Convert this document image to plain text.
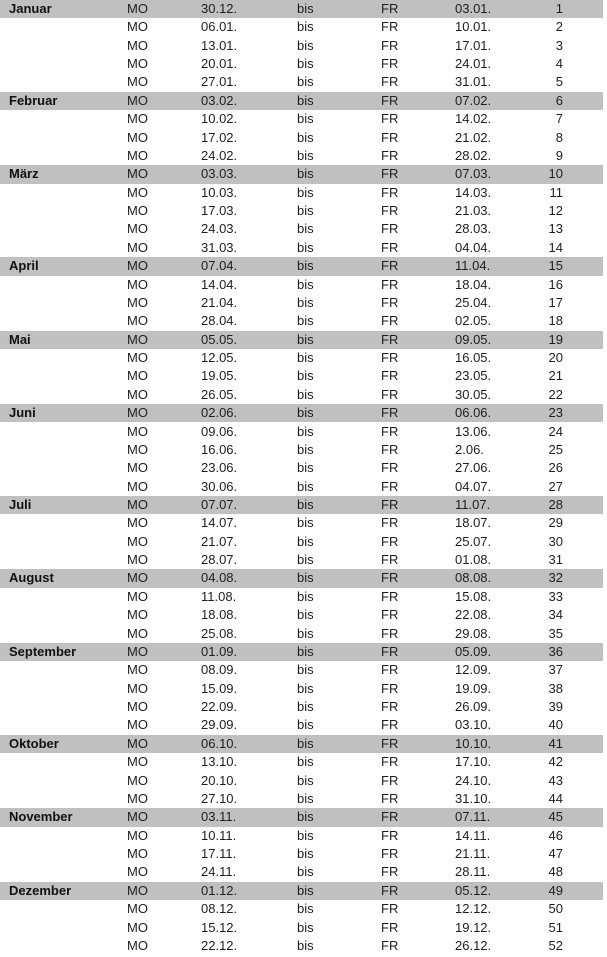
Januar	MO	30.12.	bis	FR	03.01.	1
MO	06.01.	bis	FR	10.01.	2
MO	13.01.	bis	FR	17.01.	3
MO	20.01.	bis	FR	24.01.	4
MO	27.01.	bis	FR	31.01.	5
Februar	MO	03.02.	bis	FR	07.02.	6
MO	10.02.	bis	FR	14.02.	7
MO	17.02.	bis	FR	21.02.	8
MO	24.02.	bis	FR	28.02.	9
März	MO	03.03.	bis	FR	07.03.	10
MO	10.03.	bis	FR	14.03.	11
MO	17.03.	bis	FR	21.03.	12
MO	24.03.	bis	FR	28.03.	13
MO	31.03.	bis	FR	04.04.	14
April	MO	07.04.	bis	FR	11.04.	15
MO	14.04.	bis	FR	18.04.	16
MO	21.04.	bis	FR	25.04.	17
MO	28.04.	bis	FR	02.05.	18
Mai	MO	05.05.	bis	FR	09.05.	19
MO	12.05.	bis	FR	16.05.	20
MO	19.05.	bis	FR	23.05.	21
MO	26.05.	bis	FR	30.05.	22
Juni	MO	02.06.	bis	FR	06.06.	23
MO	09.06.	bis	FR	13.06.	24
MO	16.06.	bis	FR	2.06.	25
MO	23.06.	bis	FR	27.06.	26
MO	30.06.	bis	FR	04.07.	27
Juli	MO	07.07.	bis	FR	11.07.	28
MO	14.07.	bis	FR	18.07.	29
MO	21.07.	bis	FR	25.07.	30
MO	28.07.	bis	FR	01.08.	31
August	MO	04.08.	bis	FR	08.08.	32
MO	11.08.	bis	FR	15.08.	33
MO	18.08.	bis	FR	22.08.	34
MO	25.08.	bis	FR	29.08.	35
September	MO	01.09.	bis	FR	05.09.	36
MO	08.09.	bis	FR	12.09.	37
MO	15.09.	bis	FR	19.09.	38
MO	22.09.	bis	FR	26.09.	39
MO	29.09.	bis	FR	03.10.	40
Oktober	MO	06.10.	bis	FR	10.10.	41
MO	13.10.	bis	FR	17.10.	42
MO	20.10.	bis	FR	24.10.	43
MO	27.10.	bis	FR	31.10.	44
November	MO	03.11.	bis	FR	07.11.	45
MO	10.11.	bis	FR	14.11.	46
MO	17.11.	bis	FR	21.11.	47
MO	24.11.	bis	FR	28.11.	48
Dezember	MO	01.12.	bis	FR	05.12.	49
MO	08.12.	bis	FR	12.12.	50
MO	15.12.	bis	FR	19.12.	51
MO	22.12.	bis	FR	26.12.	52
